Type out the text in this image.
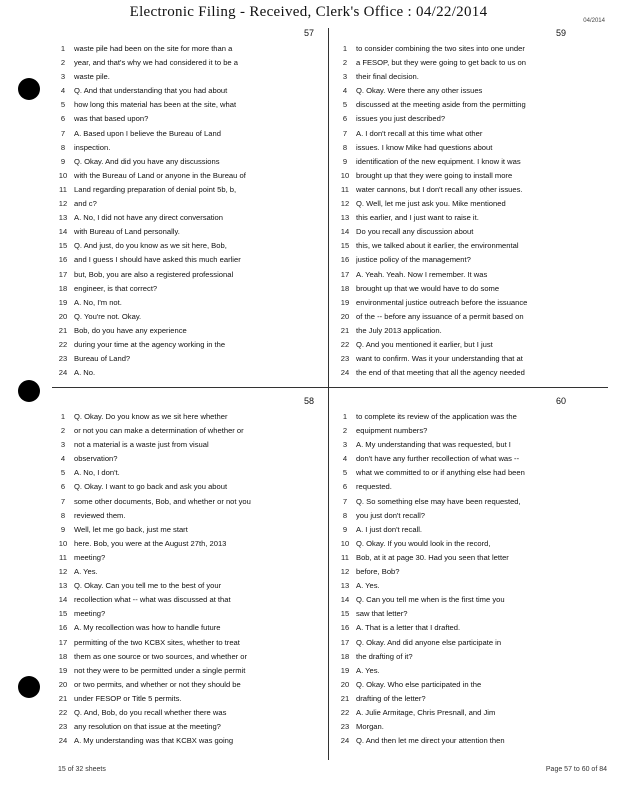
Electronic Filing - Received, Clerk's Office : 04/22/2014
04/2014
57
1	waste pile had been on the site for more than a
2	year, and that's why we had considered it to be a
3	waste pile.
4	Q. And that understanding that you had about
5	how long this material has been at the site, what
6	was that based upon?
7	A. Based upon I believe the Bureau of Land
8	inspection.
9	Q. Okay. And did you have any discussions
10 with the Bureau of Land or anyone in the Bureau of
11 Land regarding preparation of denial point 5b, b,
12 and c?
13 A. No, I did not have any direct conversation
14 with Bureau of Land personally.
15 Q. And just, do you know as we sit here, Bob,
16 and I guess I should have asked this much earlier
17 but, Bob, you are also a registered professional
18 engineer, is that correct?
19 A. No, I'm not.
20 Q. You're not. Okay.
21 Bob, do you have any experience
22 during your time at the agency working in the
23 Bureau of Land?
24 A. No.
59
1	to consider combining the two sites into one under
2	a FESOP, but they were going to get back to us on
3	their final decision.
4	Q. Okay. Were there any other issues
5	discussed at the meeting aside from the permitting
6	issues you just described?
7	A. I don't recall at this time what other
8	issues. I know Mike had questions about
9	identification of the new equipment. I know it was
10 brought up that they were going to install more
11 water cannons, but I don't recall any other issues.
12 Q. Well, let me just ask you. Mike mentioned
13 this earlier, and I just want to raise it.
14 Do you recall any discussion about
15 this, we talked about it earlier, the environmental
16 justice policy of the management?
17 A. Yeah. Yeah. Now I remember. It was
18 brought up that we would have to do some
19 environmental justice outreach before the issuance
20 of the -- before any issuance of a permit based on
21 the July 2013 application.
22 Q. And you mentioned it earlier, but I just
23 want to confirm. Was it your understanding that at
24 the end of that meeting that all the agency needed
58
1	Q. Okay. Do you know as we sit here whether
2	or not you can make a determination of whether or
3	not a material is a waste just from visual
4	observation?
5	A. No, I don't.
6	Q. Okay. I want to go back and ask you about
7	some other documents, Bob, and whether or not you
8	reviewed them.
9	Well, let me go back, just me start
10 here. Bob, you were at the August 27th, 2013
11 meeting?
12 A. Yes.
13 Q. Okay. Can you tell me to the best of your
14 recollection what -- what was discussed at that
15 meeting?
16 A. My recollection was how to handle future
17 permitting of the two KCBX sites, whether to treat
18 them as one source or two sources, and whether or
19 not they were to be permitted under a single permit
20 or two permits, and whether or not they should be
21 under FESOP or Title 5 permits.
22 Q. And, Bob, do you recall whether there was
23 any resolution on that issue at the meeting?
24 A. My understanding was that KCBX was going
60
1	to complete its review of the application was the
2	equipment numbers?
3	A. My understanding that was requested, but I
4	don't have any further recollection of what was --
5	what we committed to or if anything else had been
6	requested.
7	Q. So something else may have been requested,
8	you just don't recall?
9	A. I just don't recall.
10 Q. Okay. If you would look in the record,
11 Bob, at it at page 30. Had you seen that letter
12 before, Bob?
13 A. Yes.
14 Q. Can you tell me when is the first time you
15 saw that letter?
16 A. That is a letter that I drafted.
17 Q. Okay. And did anyone else participate in
18 the drafting of it?
19 A. Yes.
20 Q. Okay. Who else participated in the
21 drafting of the letter?
22 A. Julie Armitage, Chris Presnall, and Jim
23 Morgan.
24 Q. And then let me direct your attention then
15 of 32 sheets	Page 57 to 60 of 84
